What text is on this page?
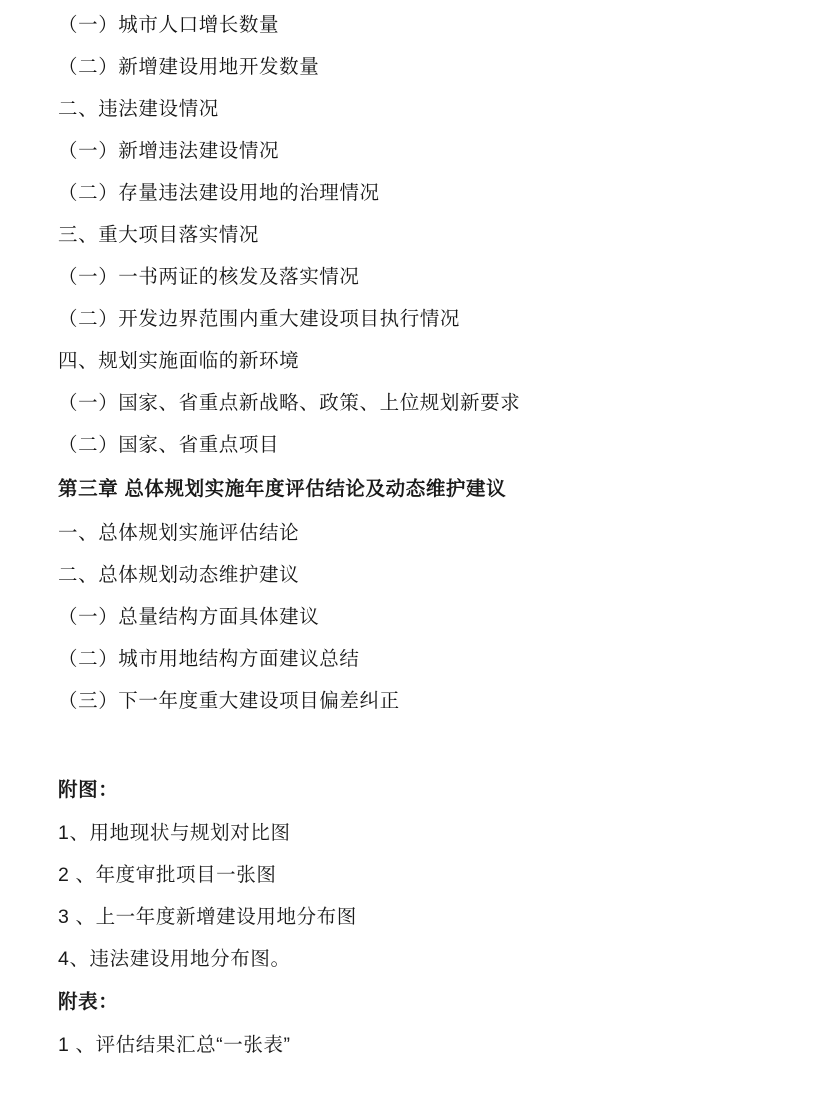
（一）城市人口增长数量
（二）新增建设用地开发数量
二、违法建设情况
（一）新增违法建设情况
（二）存量违法建设用地的治理情况
三、重大项目落实情况
（一）一书两证的核发及落实情况
（二）开发边界范围内重大建设项目执行情况
四、规划实施面临的新环境
（一）国家、省重点新战略、政策、上位规划新要求
（二）国家、省重点项目
第三章 总体规划实施年度评估结论及动态维护建议
一、总体规划实施评估结论
二、总体规划动态维护建议
（一）总量结构方面具体建议
（二）城市用地结构方面建议总结
（三）下一年度重大建设项目偏差纠正
附图：
1、用地现状与规划对比图
2 、年度审批项目一张图
3 、上一年度新增建设用地分布图
4、违法建设用地分布图。
附表：
1 、评估结果汇总“一张表”
